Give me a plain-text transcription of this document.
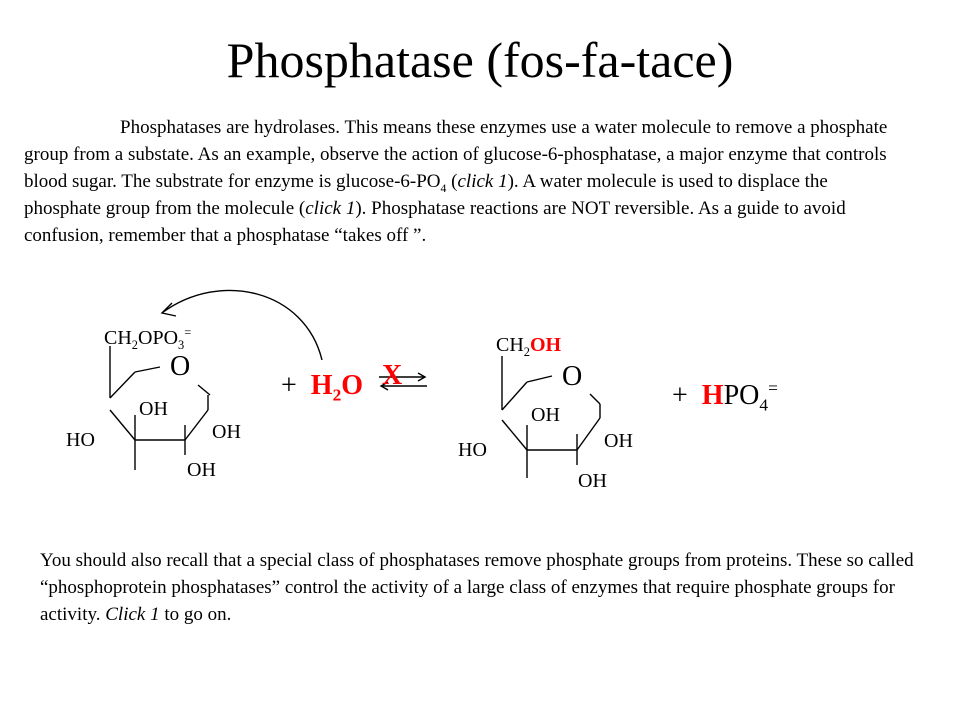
Phosphatase (fos-fa-tace)
Phosphatases are hydrolases. This means these enzymes use a water molecule to remove a phosphate group from a substate. As an example, observe the action of glucose-6-phosphatase, a major enzyme that controls blood sugar. The substrate for enzyme is glucose-$6-PO_4$ (click 1). A water molecule is used to displace the phosphate group from the molecule (click 1). Phosphatase reactions are NOT reversible. As a guide to avoid confusion, remember that a phosphatase “takes off ”.
$CH_2OPO_3^=$
O
OH
OH
HO
OH
+ $H_2O$ X
$CH_2OH$
O
OH
OH
HO
OH
+ $HPO_4^=$
You should also recall that a special class of phosphatases remove phosphate groups from proteins. These so called “phosphoprotein phosphatases” control the activity of a large class of enzymes that require phosphate groups for activity. Click 1 to go on.
